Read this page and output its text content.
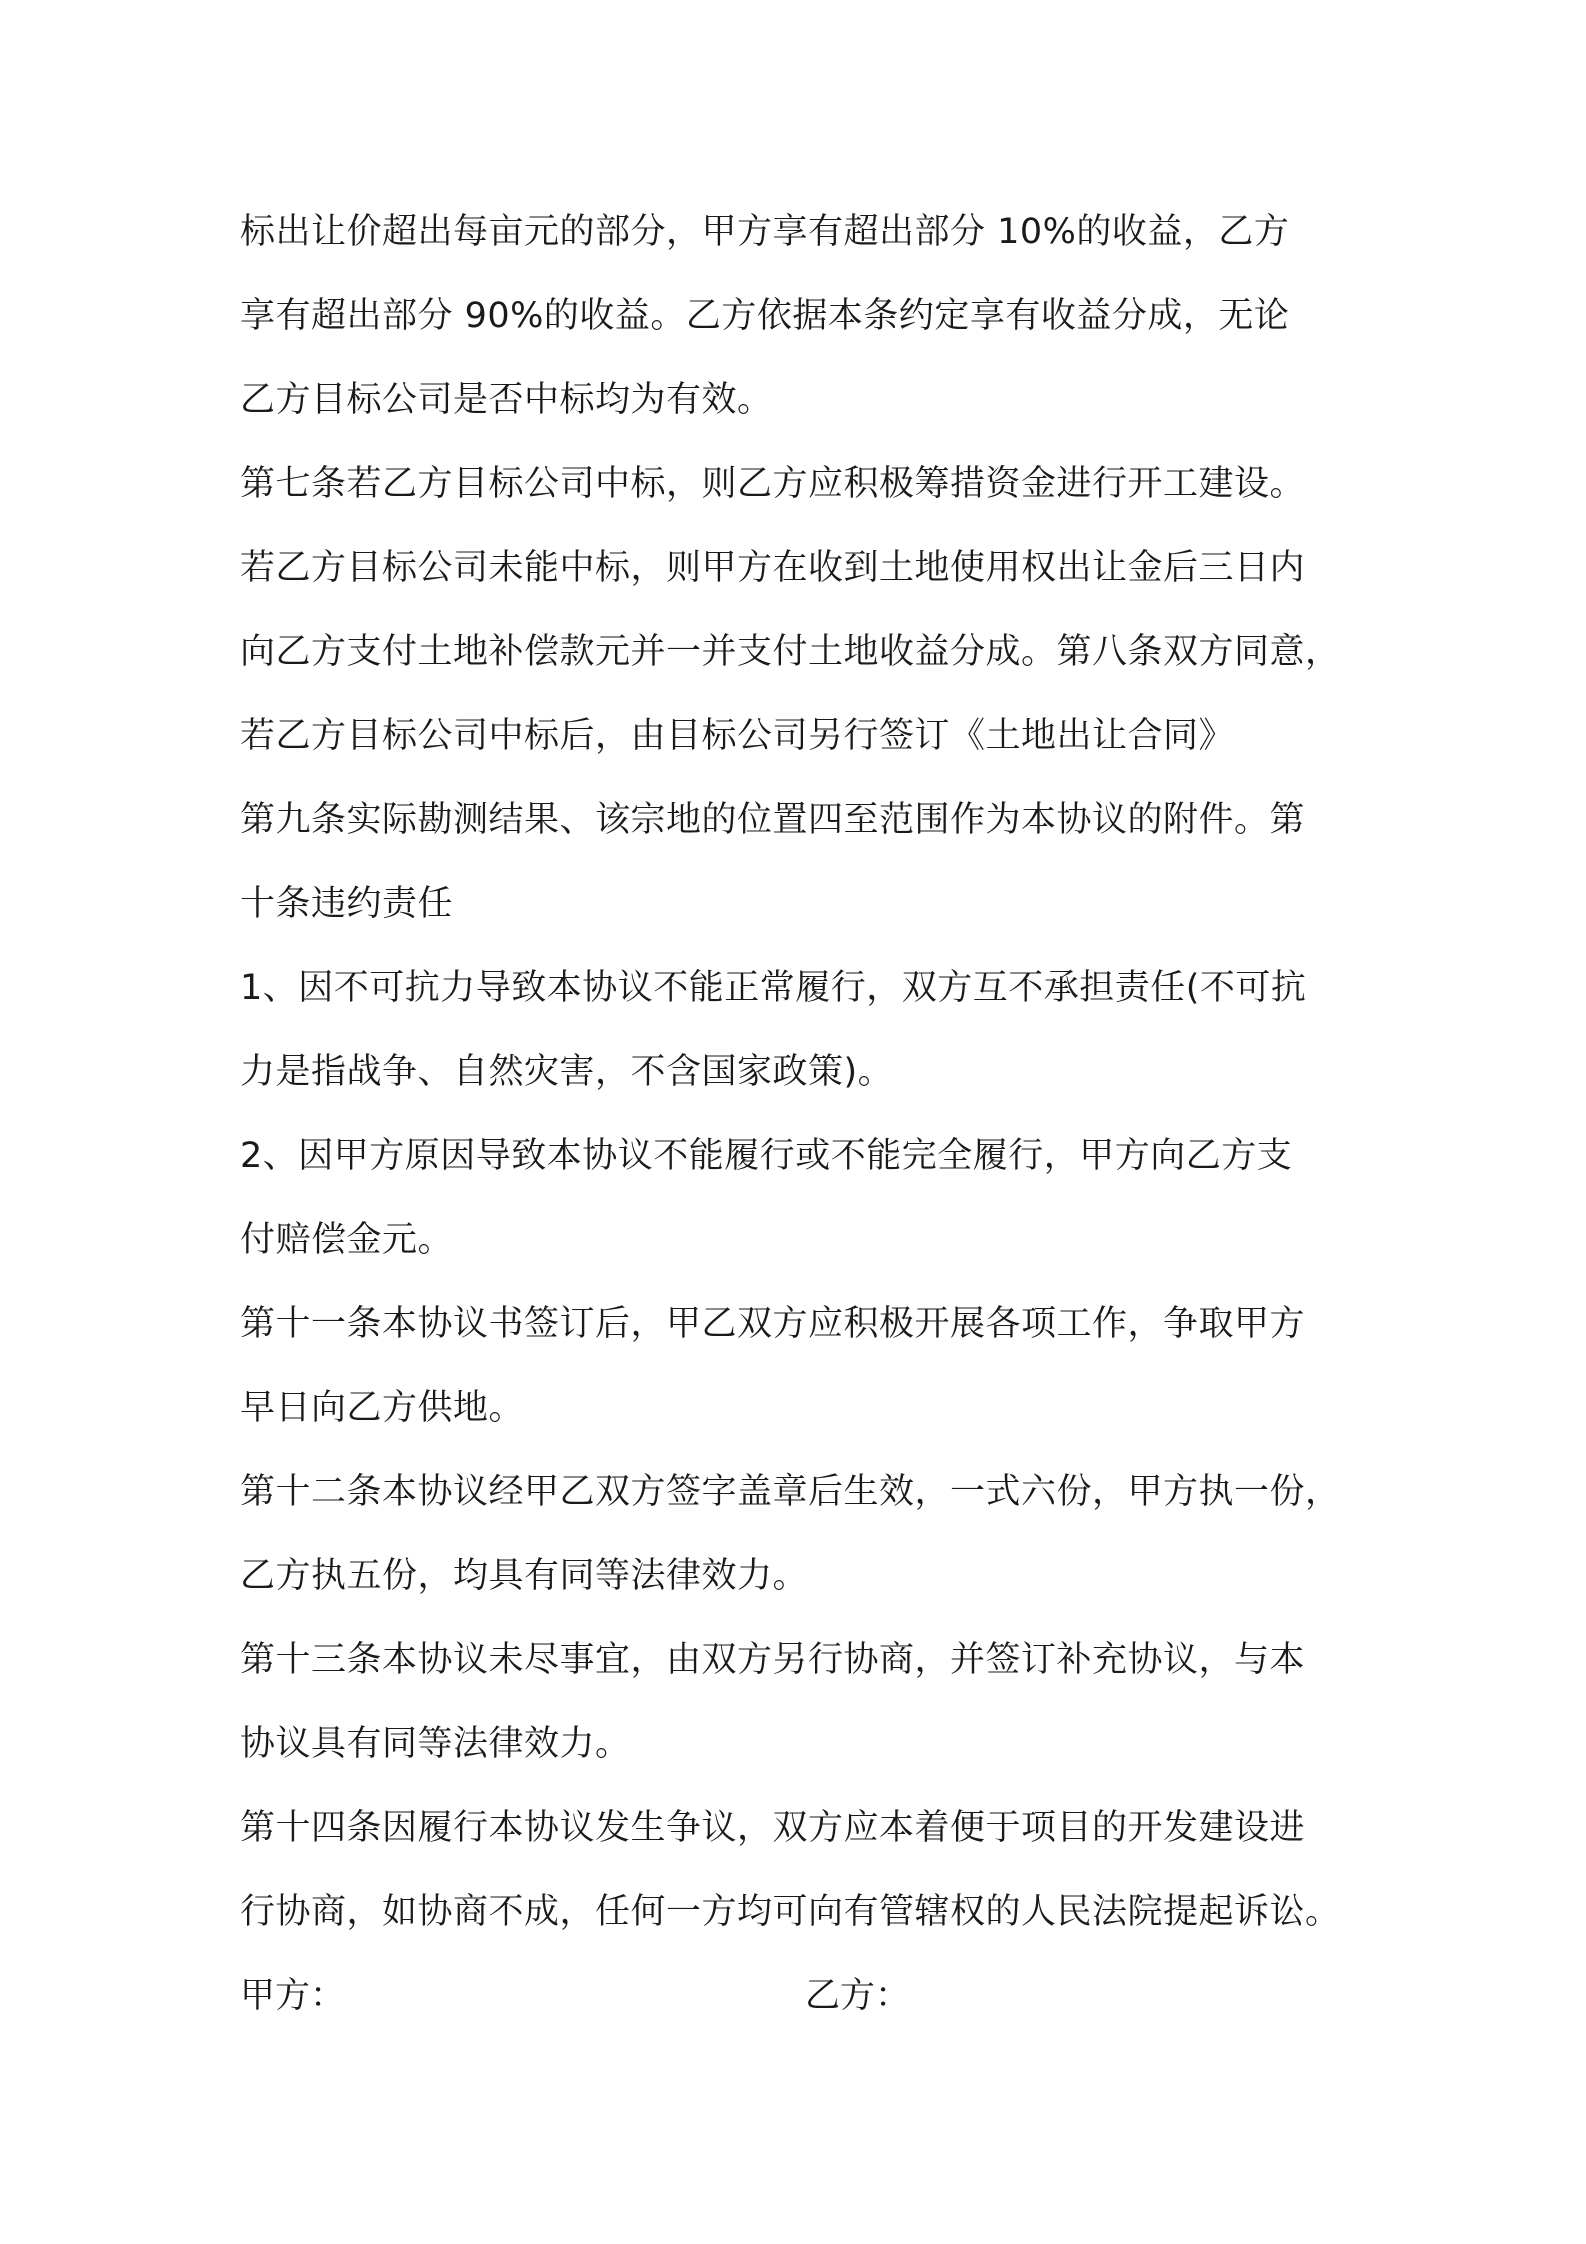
标出让价超出每亩元的部分，甲方享有超出部分 10%的收益，乙方
享有超出部分 90%的收益。乙方依据本条约定享有收益分成，无论
乙方目标公司是否中标均为有效。
第七条若乙方目标公司中标，则乙方应积极筹措资金进行开工建设。
若乙方目标公司未能中标，则甲方在收到土地使用权出让金后三日内
向乙方支付土地补偿款元并一并支付土地收益分成。第八条双方同意，
若乙方目标公司中标后，由目标公司另行签订《土地出让合同》
第九条实际勘测结果、该宗地的位置四至范围作为本协议的附件。第
十条违约责任
1、因不可抗力导致本协议不能正常履行，双方互不承担责任(不可抗
力是指战争、自然灾害，不含国家政策)。
2、因甲方原因导致本协议不能履行或不能完全履行，甲方向乙方支
付赔偿金元。
第十一条本协议书签订后，甲乙双方应积极开展各项工作，争取甲方
早日向乙方供地。
第十二条本协议经甲乙双方签字盖章后生效，一式六份，甲方执一份，
乙方执五份，均具有同等法律效力。
第十三条本协议未尽事宜，由双方另行协商，并签订补充协议，与本
协议具有同等法律效力。
第十四条因履行本协议发生争议，双方应本着便于项目的开发建设进
行协商，如协商不成，任何一方均可向有管辖权的人民法院提起诉讼。
甲方：	乙方：
